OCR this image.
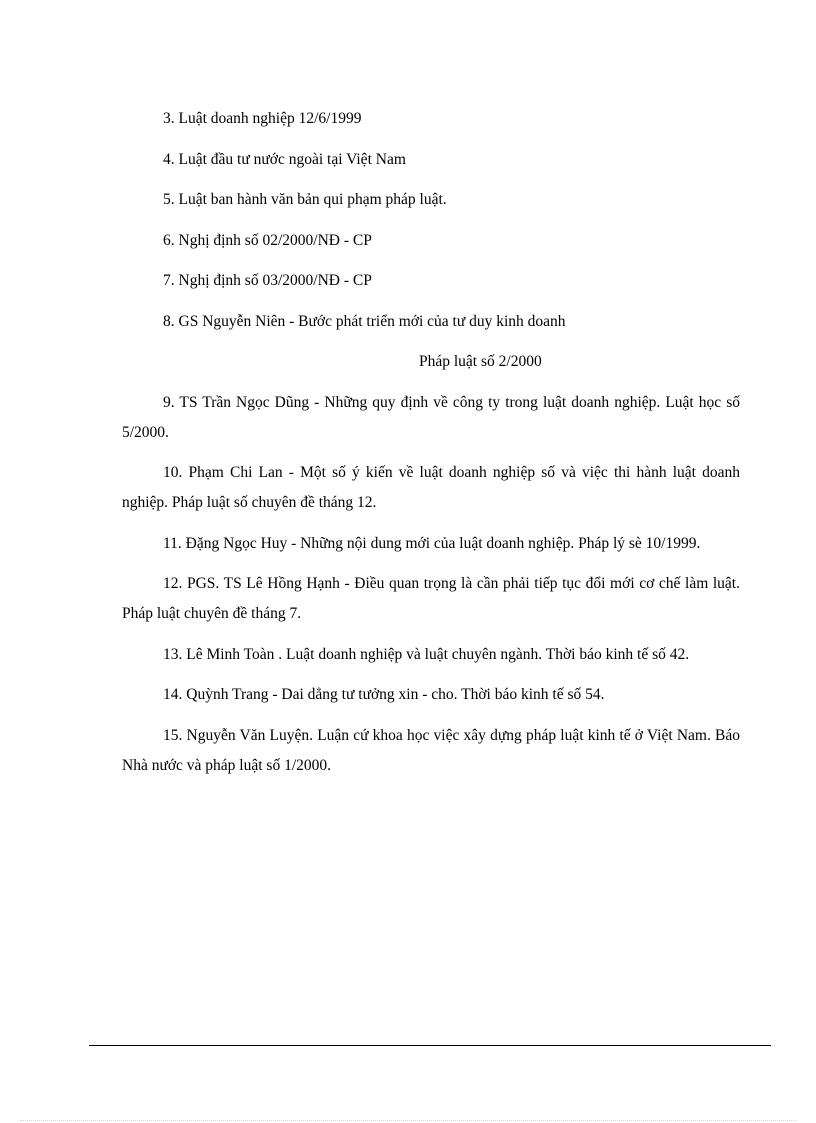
3. Luật doanh nghiệp 12/6/1999

4. Luật đầu tư nước ngoài tại Việt Nam

5. Luật ban hành văn bản qui phạm pháp luật.

6. Nghị định số 02/2000/NĐ - CP

7. Nghị định số 03/2000/NĐ - CP

8. GS Nguyễn Niên - Bước phát triển mới của tư duy kinh doanh

Pháp luật số 2/2000

9. TS Trần Ngọc Dũng - Những quy định về công ty trong luật doanh nghiệp. Luật học số 5/2000.

10. Phạm Chi Lan - Một số ý kiến về luật doanh nghiệp số và việc thi hành luật doanh nghiệp. Pháp luật số chuyên đề tháng 12.

11. Đặng Ngọc Huy - Những nội dung mới của luật doanh nghiệp. Pháp lý sè 10/1999.

12. PGS. TS Lê Hồng Hạnh - Điều quan trọng là cần phải tiếp tục đổi mới cơ chế làm luật. Pháp luật chuyên đề tháng 7.

13. Lê Minh Toàn . Luật doanh nghiệp và luật chuyên ngành. Thời báo kinh tế số 42.

14. Quỳnh Trang - Dai dẳng tư tưởng xin - cho. Thời báo kinh tế số 54.

15. Nguyễn Văn Luyện. Luận cứ khoa học việc xây dựng pháp luật kinh tế ở Việt Nam. Báo Nhà nước và pháp luật số 1/2000.
